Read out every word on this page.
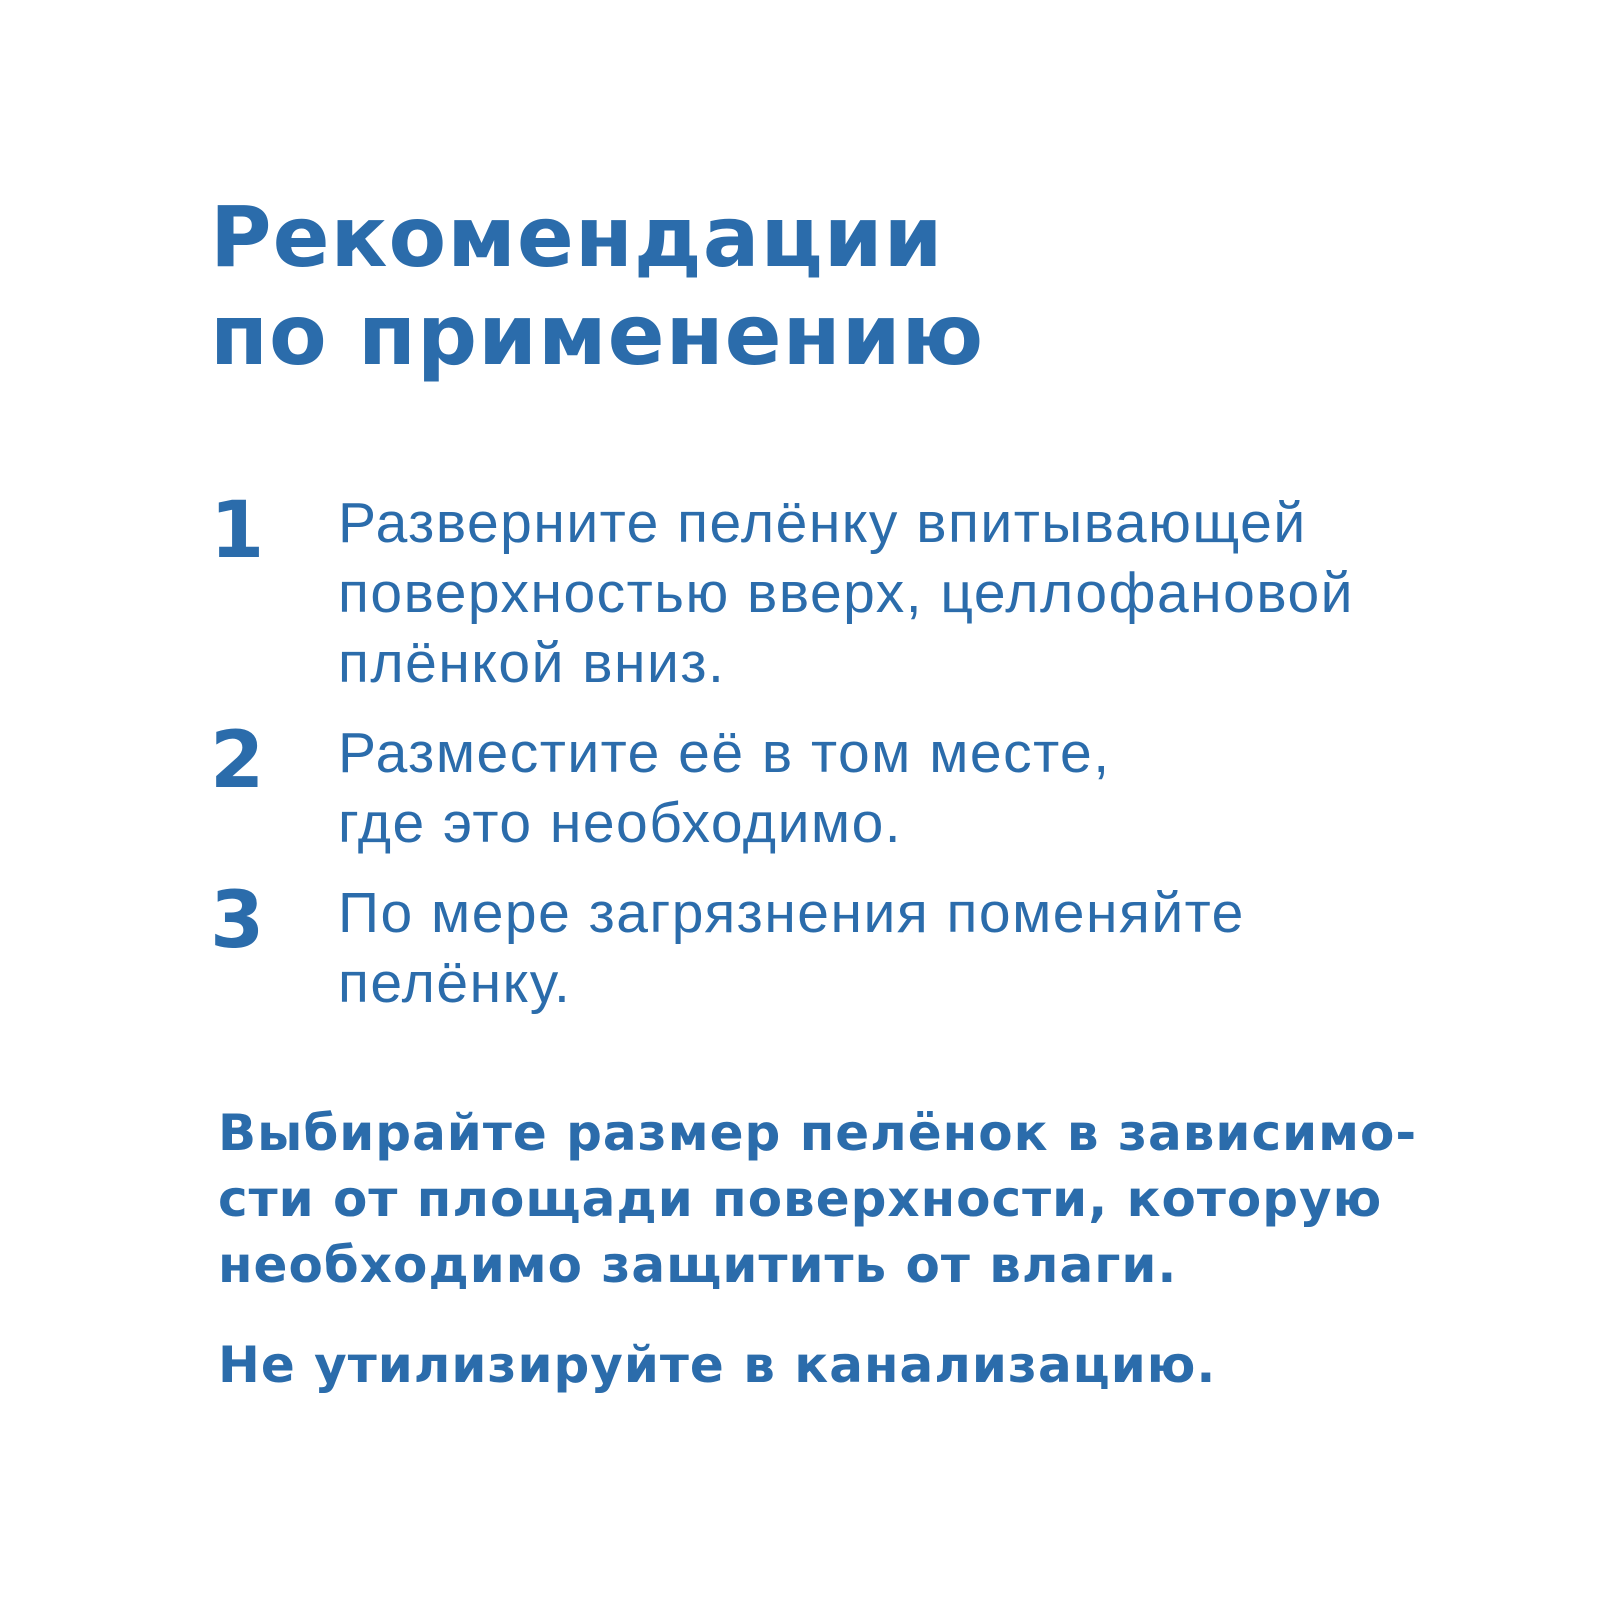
Рекомендации
по применению
1	Разверните пелёнку впитывающей
поверхностью вверх, целлофановой
плёнкой вниз.
2	Разместите её в том месте,
где это необходимо.
3	По мере загрязнения поменяйте
пелёнку.
Выбирайте размер пелёнок в зависимо-
сти от площади поверхности, которую
необходимо защитить от влаги.
Не утилизируйте в канализацию.
